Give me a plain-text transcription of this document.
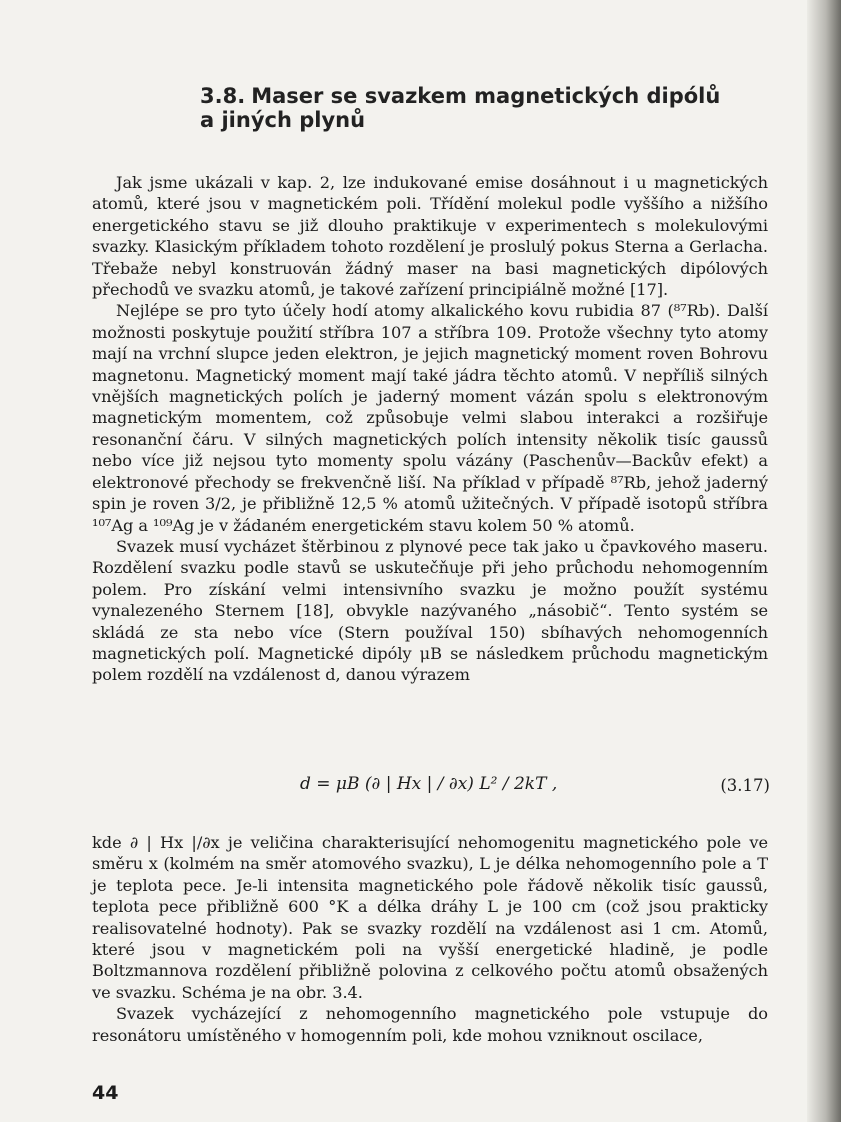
3.8. Maser se svazkem magnetických dipólů
a jiných plynů

Jak jsme ukázali v kap. 2, lze indukované emise dosáhnout i u magnetických atomů, které jsou v magnetickém poli. Třídění molekul podle vyššího a nižšího energetického stavu se již dlouho praktikuje v experimentech s molekulovými svazky. Klasickým příkladem tohoto rozdělení je proslulý pokus Sterna a Gerlacha. Třebaže nebyl konstruován žádný maser na basi magnetických dipólových přechodů ve svazku atomů, je takové zařízení principiálně možné [17].

Nejlépe se pro tyto účely hodí atomy alkalického kovu rubidia 87 (⁸⁷Rb). Další možnosti poskytuje použití stříbra 107 a stříbra 109. Protože všechny tyto atomy mají na vrchní slupce jeden elektron, je jejich magnetický moment roven Bohrovu magnetonu. Magnetický moment mají také jádra těchto atomů. V nepříliš silných vnějších magnetických polích je jaderný moment vázán spolu s elektronovým magnetickým momentem, což způsobuje velmi slabou interakci a rozšiřuje resonanční čáru. V silných magnetických polích intensity několik tisíc gaussů nebo více již nejsou tyto momenty spolu vázány (Paschenův—Backův efekt) a elektronové přechody se frekvenčně liší. Na příklad v případě ⁸⁷Rb, jehož jaderný spin je roven 3/2, je přibližně 12,5 % atomů užitečných. V případě isotopů stříbra ¹⁰⁷Ag a ¹⁰⁹Ag je v žádaném energetickém stavu kolem 50 % atomů.

Svazek musí vycházet štěrbinou z plynové pece tak jako u čpavkového maseru. Rozdělení svazku podle stavů se uskutečňuje při jeho průchodu nehomogenním polem. Pro získání velmi intensivního svazku je možno použít systému vynalezeného Sternem [18], obvykle nazývaného „násobič“. Tento systém se skládá ze sta nebo více (Stern používal 150) sbíhavých nehomogenních magnetických polí. Magnetické dipóly μB se následkem průchodu magnetickým polem rozdělí na vzdálenost d, danou výrazem

d = μB (∂ | Hx | / ∂x) L² / 2kT ,	(3.17)

kde ∂ | Hx |/∂x je veličina charakterisující nehomogenitu magnetického pole ve směru x (kolmém na směr atomového svazku), L je délka nehomogenního pole a T je teplota pece. Je-li intensita magnetického pole řádově několik tisíc gaussů, teplota pece přibližně 600 °K a délka dráhy L je 100 cm (což jsou prakticky realisovatelné hodnoty). Pak se svazky rozdělí na vzdálenost asi 1 cm. Atomů, které jsou v magnetickém poli na vyšší energetické hladině, je podle Boltzmannova rozdělení přibližně polovina z celkového počtu atomů obsažených ve svazku. Schéma je na obr. 3.4.

Svazek vycházející z nehomogenního magnetického pole vstupuje do resonátoru umístěného v homogenním poli, kde mohou vzniknout oscilace,

44
